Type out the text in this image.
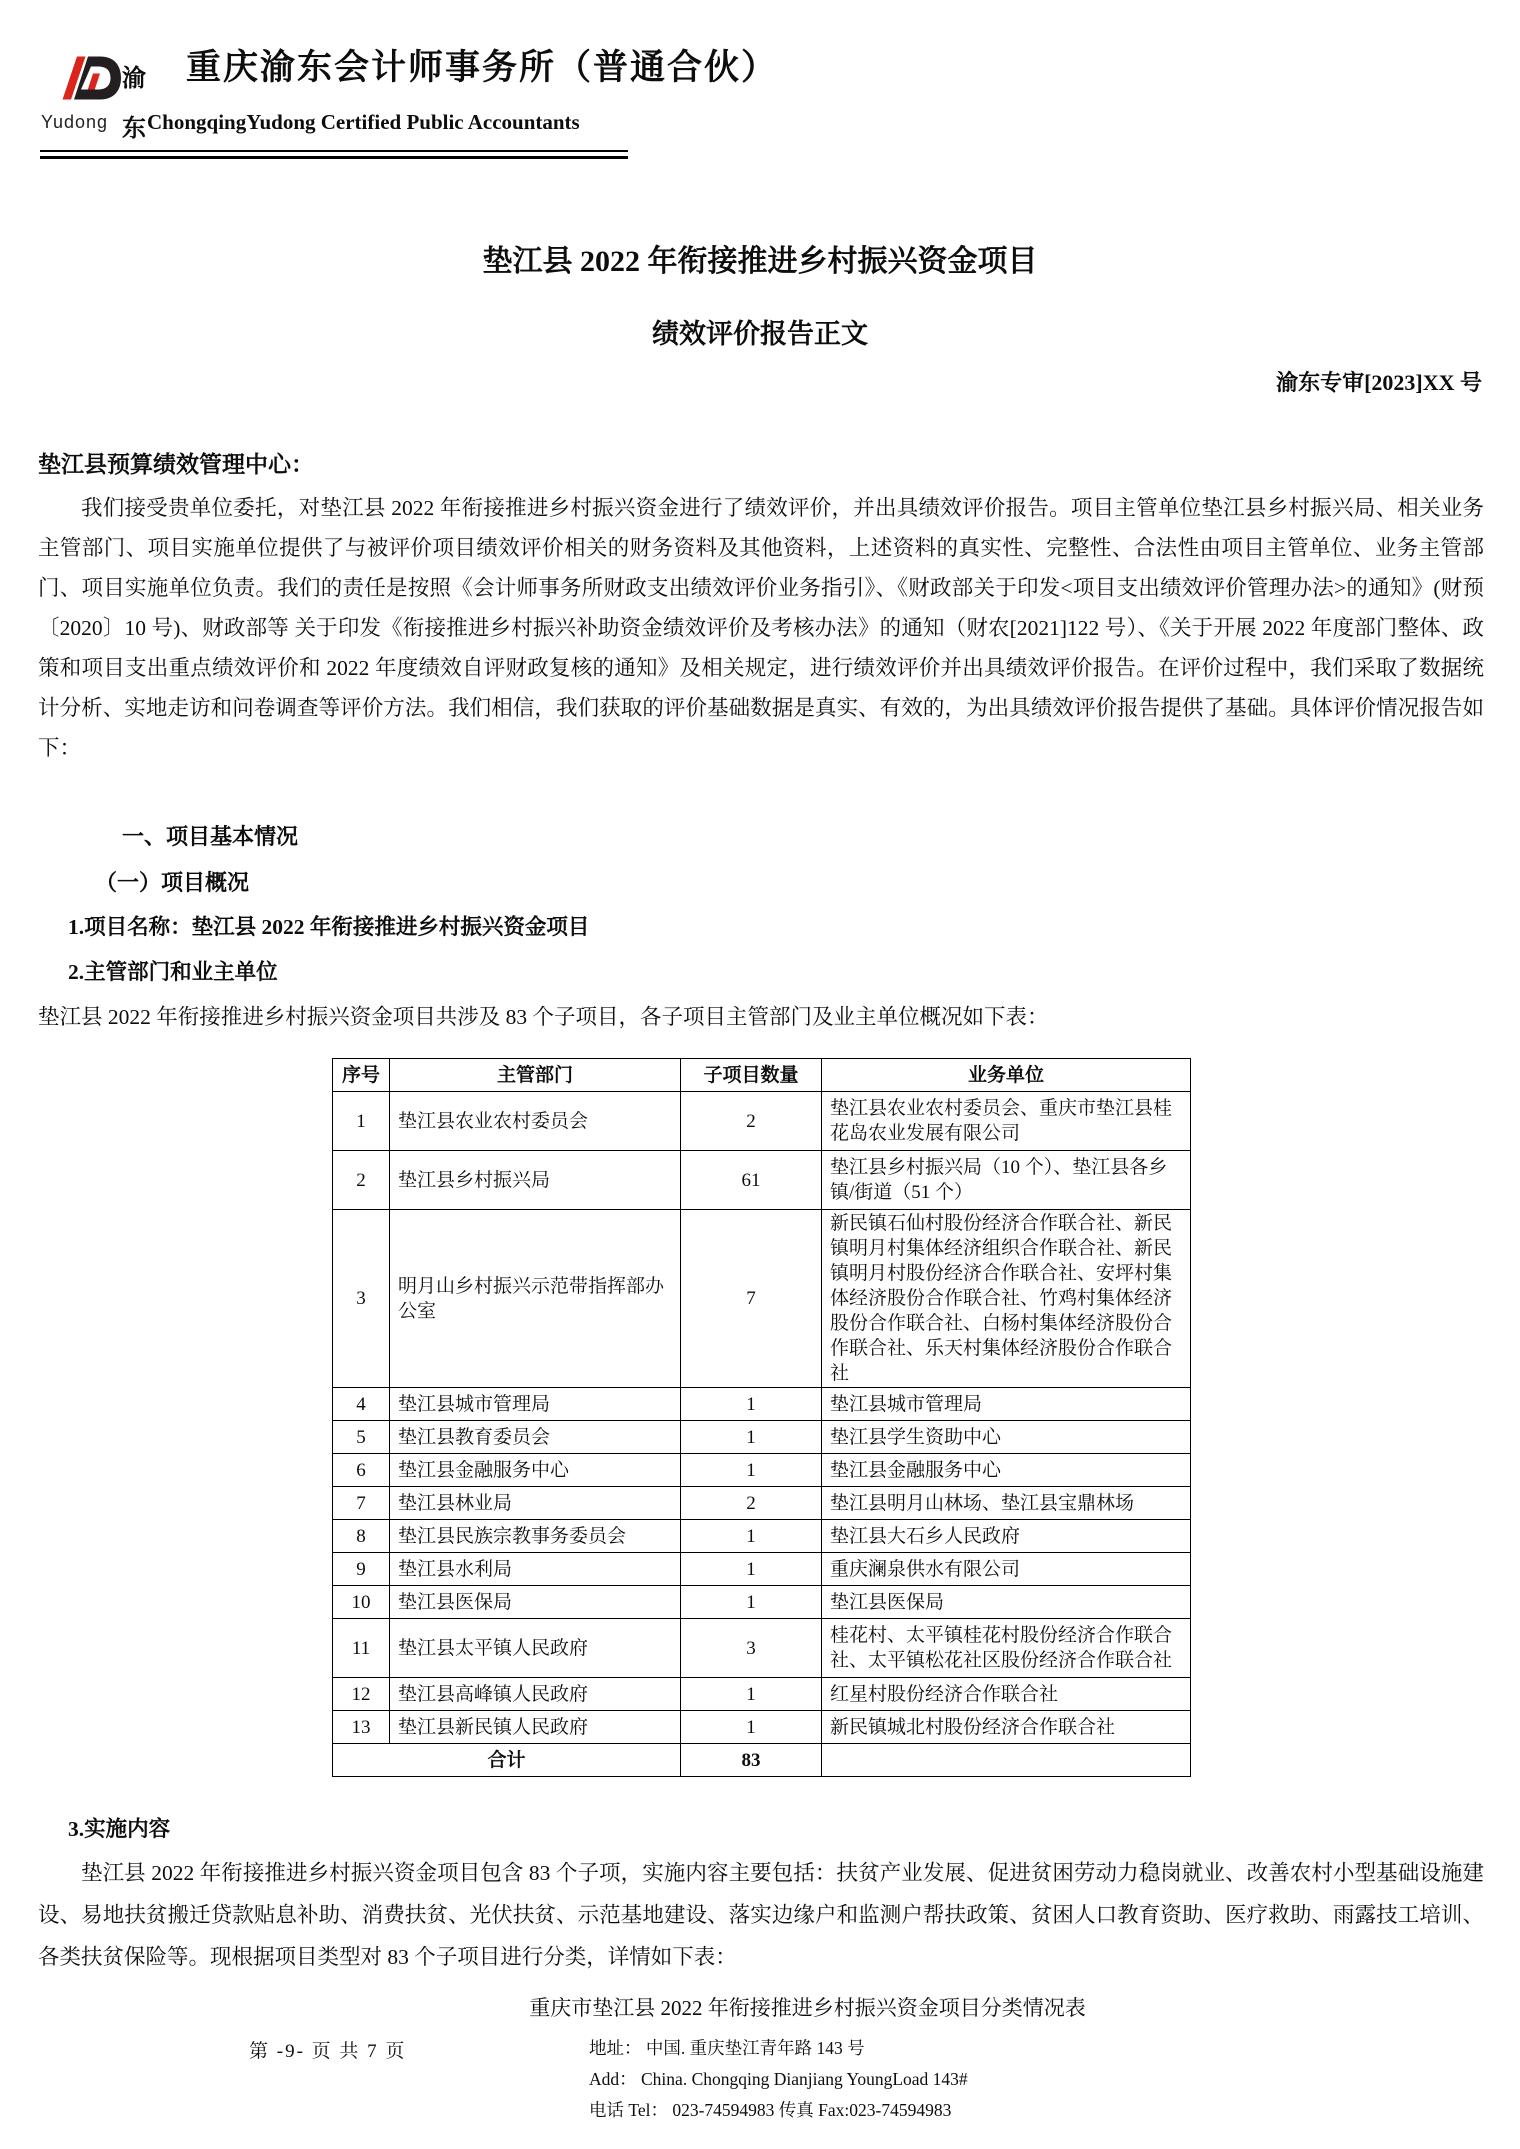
渝
Yudong 东
重庆渝东会计师事务所（普通合伙）
ChongqingYudong Certified Public Accountants
垫江县 2022 年衔接推进乡村振兴资金项目
绩效评价报告正文
渝东专审[2023]XX 号
垫江县预算绩效管理中心：
我们接受贵单位委托，对垫江县 2022 年衔接推进乡村振兴资金进行了绩效评价，并出具绩效评价报告。项目主管单位垫江县乡村振兴局、相关业务主管部门、项目实施单位提供了与被评价项目绩效评价相关的财务资料及其他资料，上述资料的真实性、完整性、合法性由项目主管单位、业务主管部门、项目实施单位负责。我们的责任是按照《会计师事务所财政支出绩效评价业务指引》、《财政部关于印发<项目支出绩效评价管理办法>的通知》(财预〔2020〕10 号)、财政部等 关于印发《衔接推进乡村振兴补助资金绩效评价及考核办法》的通知（财农[2021]122 号）、《关于开展 2022 年度部门整体、政策和项目支出重点绩效评价和 2022 年度绩效自评财政复核的通知》及相关规定，进行绩效评价并出具绩效评价报告。在评价过程中，我们采取了数据统计分析、实地走访和问卷调查等评价方法。我们相信，我们获取的评价基础数据是真实、有效的，为出具绩效评价报告提供了基础。具体评价情况报告如下：
一、项目基本情况
（一）项目概况
1.项目名称：垫江县 2022 年衔接推进乡村振兴资金项目
2.主管部门和业主单位
垫江县 2022 年衔接推进乡村振兴资金项目共涉及 83 个子项目，各子项目主管部门及业主单位概况如下表：
序号	主管部门	子项目数量	业务单位
1	垫江县农业农村委员会	2	垫江县农业农村委员会、重庆市垫江县桂花岛农业发展有限公司
2	垫江县乡村振兴局	61	垫江县乡村振兴局（10 个）、垫江县各乡镇/街道（51 个）
3	明月山乡村振兴示范带指挥部办公室	7	新民镇石仙村股份经济合作联合社、新民镇明月村集体经济组织合作联合社、新民镇明月村股份经济合作联合社、安坪村集体经济股份合作联合社、竹鸡村集体经济股份合作联合社、白杨村集体经济股份合作联合社、乐天村集体经济股份合作联合社
4	垫江县城市管理局	1	垫江县城市管理局
5	垫江县教育委员会	1	垫江县学生资助中心
6	垫江县金融服务中心	1	垫江县金融服务中心
7	垫江县林业局	2	垫江县明月山林场、垫江县宝鼎林场
8	垫江县民族宗教事务委员会	1	垫江县大石乡人民政府
9	垫江县水利局	1	重庆澜泉供水有限公司
10	垫江县医保局	1	垫江县医保局
11	垫江县太平镇人民政府	3	桂花村、太平镇桂花村股份经济合作联合社、太平镇松花社区股份经济合作联合社
12	垫江县高峰镇人民政府	1	红星村股份经济合作联合社
13	垫江县新民镇人民政府	1	新民镇城北村股份经济合作联合社
合计		83	
3.实施内容
垫江县 2022 年衔接推进乡村振兴资金项目包含 83 个子项，实施内容主要包括：扶贫产业发展、促进贫困劳动力稳岗就业、改善农村小型基础设施建设、易地扶贫搬迁贷款贴息补助、消费扶贫、光伏扶贫、示范基地建设、落实边缘户和监测户帮扶政策、贫困人口教育资助、医疗救助、雨露技工培训、各类扶贫保险等。现根据项目类型对 83 个子项目进行分类，详情如下表：
重庆市垫江县 2022 年衔接推进乡村振兴资金项目分类情况表
第 -9- 页 共 7 页	地址： 中国. 重庆垫江青年路 143 号
Add： China. Chongqing Dianjiang YoungLoad 143#
电话 Tel： 023-74594983 传真 Fax:023-74594983
